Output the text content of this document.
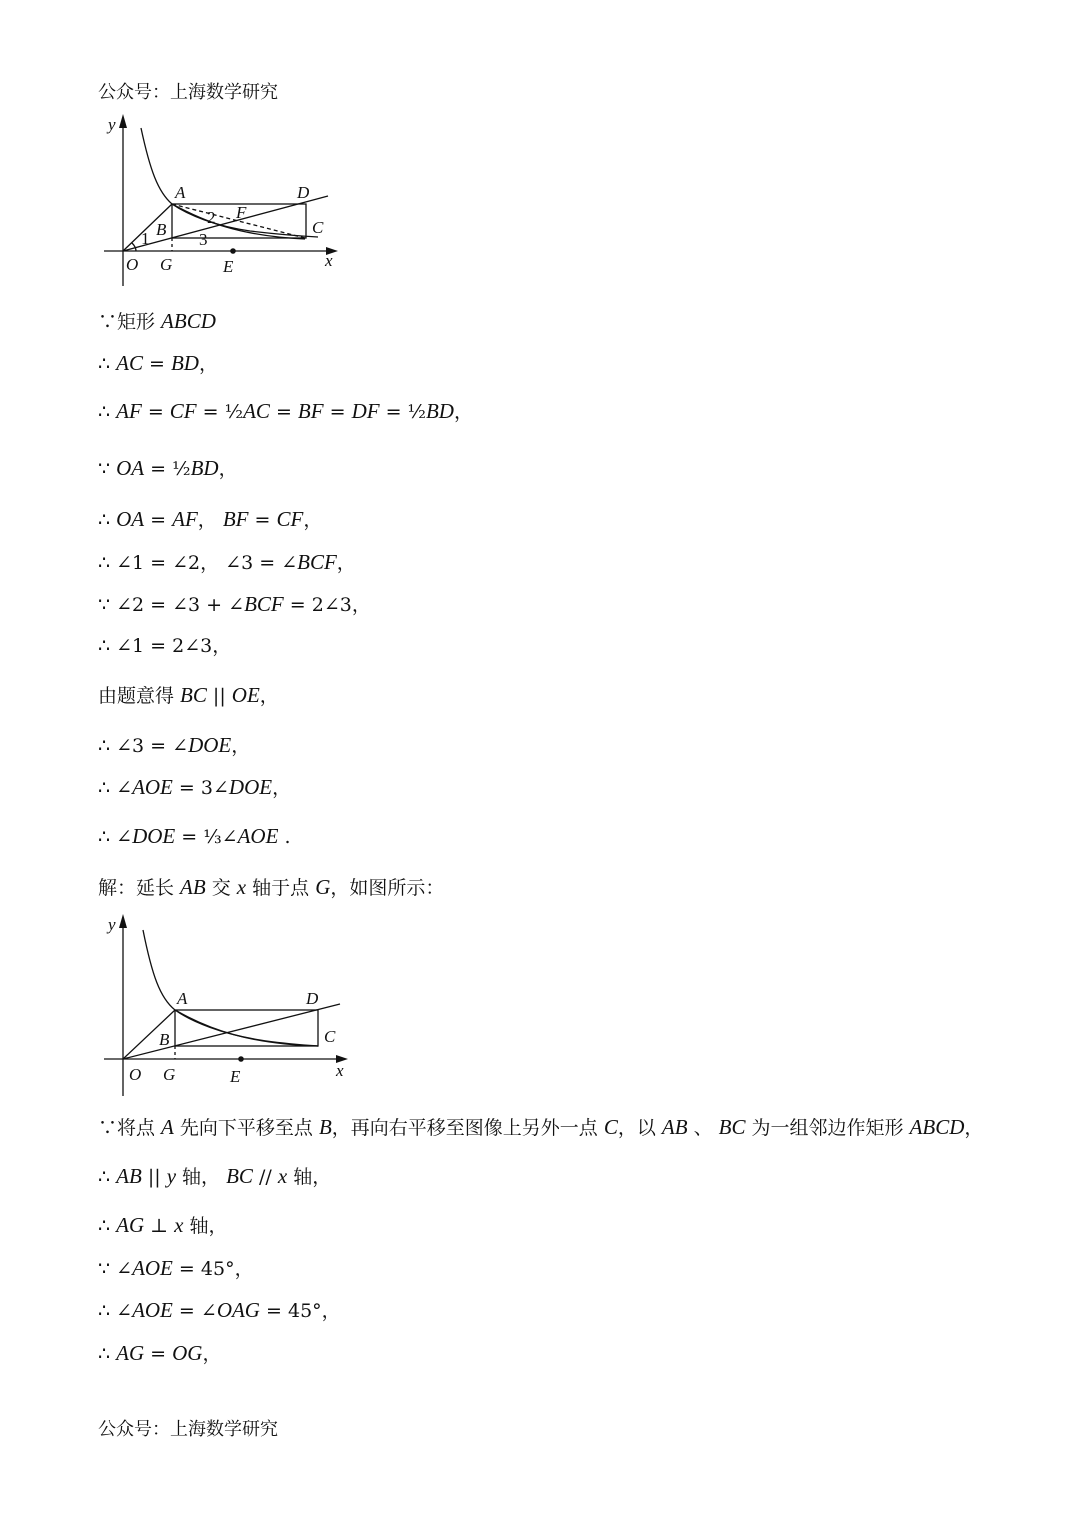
公众号：上海数学研究
y
A	D
F
C
B
O G	E	x
1
2
3
∵矩形 ABCD
∴ AC = BD，
∴ AF = CF = ½AC = BF = DF = ½BD，
∵ OA = ½BD，
∴ OA = AF， BF = CF，
∴ ∠1 = ∠2， ∠3 = ∠BCF，
∵ ∠2 = ∠3 + ∠BCF = 2∠3，
∴ ∠1 = 2∠3，
由题意得 BC || OE，
∴ ∠3 = ∠DOE，
∴ ∠AOE = 3∠DOE，
∴ ∠DOE = ⅓∠AOE .
解：延长 AB 交 x 轴于点 G，如图所示：
y
A	D
C
B
O G	E	x
∵将点 A 先向下平移至点 B，再向右平移至图像上另外一点 C，以 AB 、 BC 为一组邻边作矩形 ABCD，
∴ AB || y 轴， BC // x 轴，
∴ AG ⊥ x 轴，
∵ ∠AOE = 45°，
∴ ∠AOE = ∠OAG = 45°，
∴ AG = OG，
公众号：上海数学研究
